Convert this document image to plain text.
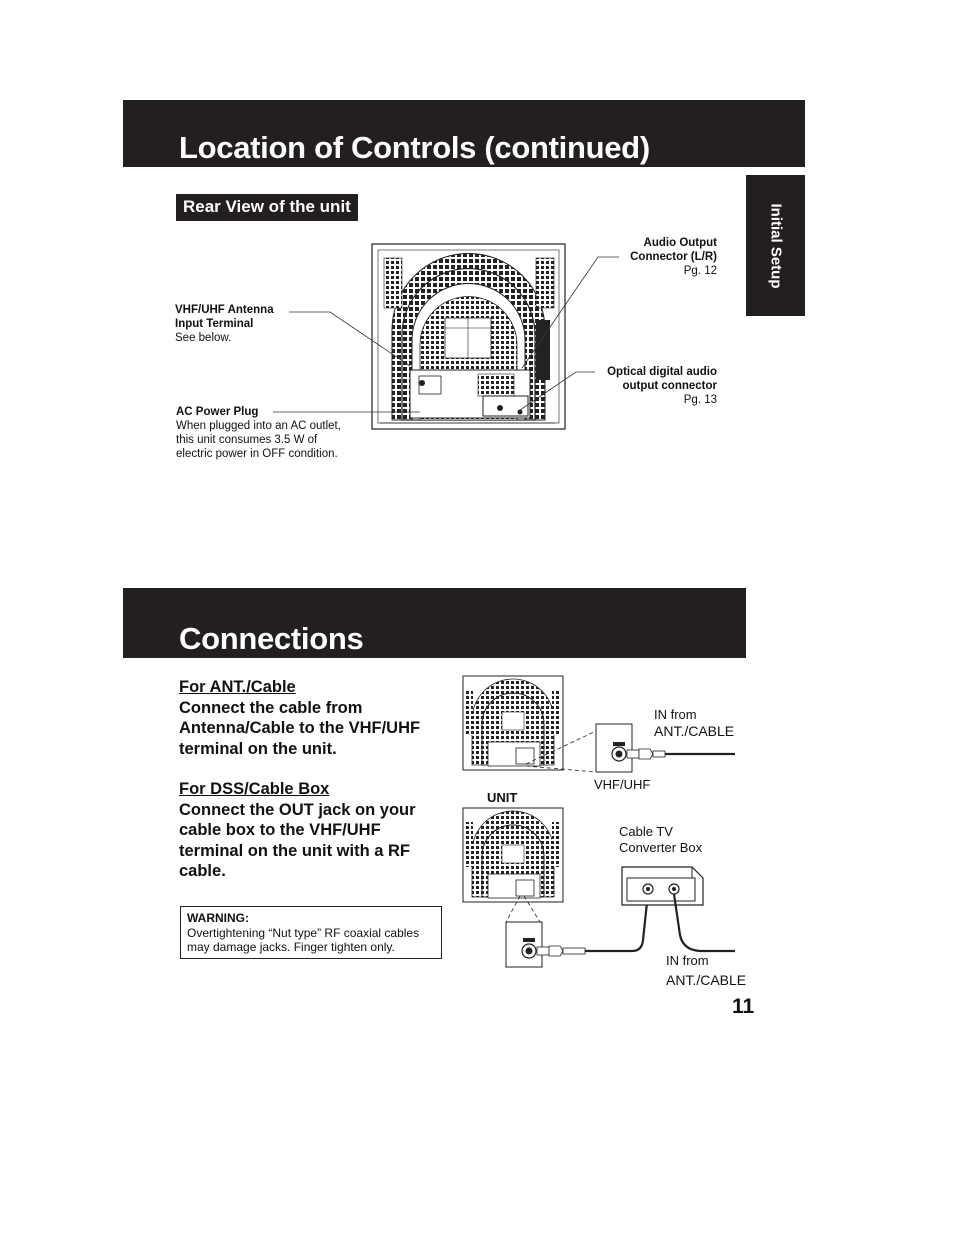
Location of Controls (continued)
Initial Setup
Rear View of the unit
VHF/UHF Antenna
Input Terminal
See below.
AC Power Plug
When plugged into an AC outlet,
this unit consumes 3.5 W of
electric power in OFF condition.
Audio Output
Connector (L/R)
Pg. 12
Optical digital audio
output connector
Pg. 13
Connections
For ANT./Cable
Connect the cable from
Antenna/Cable to the VHF/UHF
terminal on the unit.
For DSS/Cable Box
Connect the OUT jack on your
cable box to the VHF/UHF
terminal on the unit with a RF
cable.
WARNING:
Overtightening “Nut type” RF coaxial cables
may damage jacks. Finger tighten only.
IN from
ANT./CABLE
VHF/UHF
UNIT
Cable TV
Converter Box
IN from
ANT./CABLE
11
